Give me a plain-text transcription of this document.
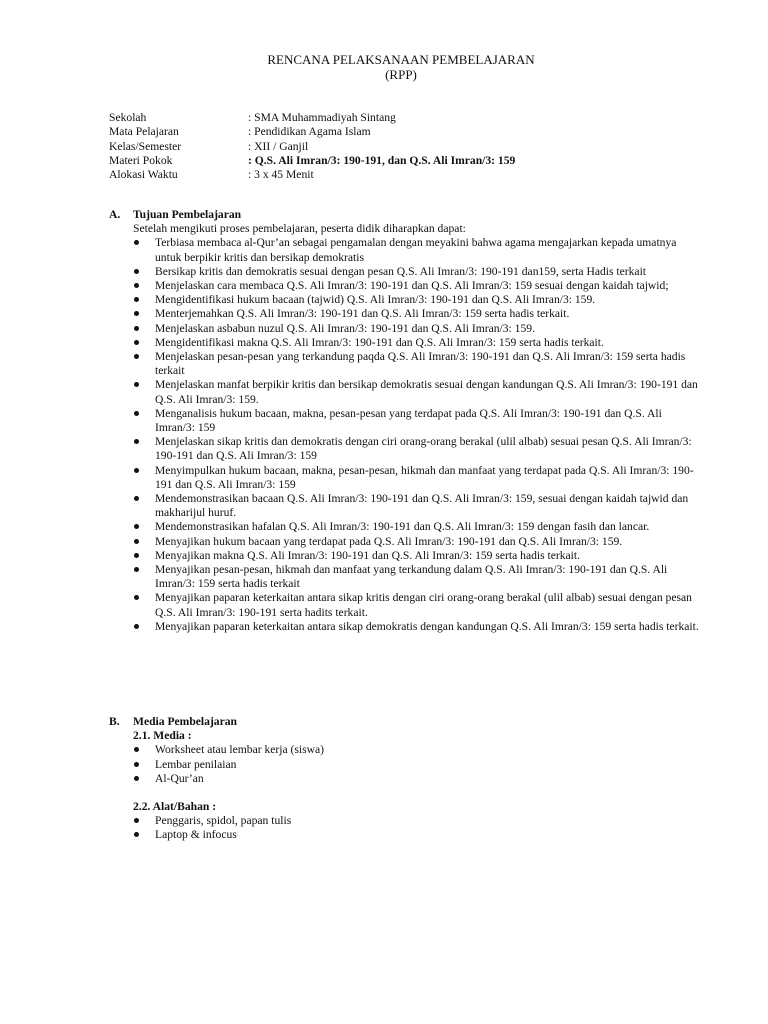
RENCANA PELAKSANAAN PEMBELAJARAN
(RPP)
Sekolah	: SMA Muhammadiyah Sintang
Mata Pelajaran	: Pendidikan Agama Islam
Kelas/Semester	: XII / Ganjil
Materi Pokok	: Q.S. Ali Imran/3: 190-191, dan Q.S. Ali Imran/3: 159
Alokasi Waktu	: 3 x 45 Menit
A.	Tujuan Pembelajaran
Setelah mengikuti proses pembelajaran, peserta didik diharapkan dapat:
Terbiasa membaca al-Qur’an sebagai pengamalan dengan meyakini bahwa agama mengajarkan kepada umatnya untuk berpikir kritis dan bersikap demokratis
Bersikap kritis dan demokratis sesuai dengan pesan Q.S. Ali Imran/3: 190-191 dan159, serta Hadis terkait
Menjelaskan cara membaca Q.S. Ali Imran/3: 190-191 dan Q.S. Ali Imran/3: 159 sesuai dengan kaidah tajwid;
Mengidentifikasi hukum bacaan (tajwid) Q.S. Ali Imran/3: 190-191 dan Q.S. Ali Imran/3: 159.
Menterjemahkan Q.S. Ali Imran/3: 190-191 dan Q.S. Ali Imran/3: 159 serta hadis terkait.
Menjelaskan asbabun nuzul Q.S. Ali Imran/3: 190-191 dan Q.S. Ali Imran/3: 159.
Mengidentifikasi makna Q.S. Ali Imran/3: 190-191 dan Q.S. Ali Imran/3: 159 serta hadis terkait.
Menjelaskan pesan-pesan yang terkandung paqda Q.S. Ali Imran/3: 190-191 dan Q.S. Ali Imran/3: 159 serta hadis terkait
Menjelaskan manfat berpikir kritis dan bersikap demokratis sesuai dengan kandungan Q.S. Ali Imran/3: 190-191 dan Q.S. Ali Imran/3: 159.
Menganalisis hukum bacaan, makna, pesan-pesan yang terdapat pada Q.S. Ali Imran/3: 190-191 dan Q.S. Ali Imran/3: 159
Menjelaskan sikap kritis dan demokratis dengan ciri orang-orang berakal (ulil albab) sesuai pesan Q.S. Ali Imran/3: 190-191 dan Q.S. Ali Imran/3: 159
Menyimpulkan hukum bacaan, makna, pesan-pesan, hikmah dan manfaat yang terdapat pada Q.S. Ali Imran/3: 190-191 dan Q.S. Ali Imran/3: 159
Mendemonstrasikan bacaan Q.S. Ali Imran/3: 190-191 dan Q.S. Ali Imran/3: 159, sesuai dengan kaidah tajwid dan makharijul huruf.
Mendemonstrasikan hafalan Q.S. Ali Imran/3: 190-191 dan Q.S. Ali Imran/3: 159 dengan fasih dan lancar.
Menyajikan hukum bacaan yang terdapat pada Q.S. Ali Imran/3: 190-191 dan Q.S. Ali Imran/3: 159.
Menyajikan makna Q.S. Ali Imran/3: 190-191 dan Q.S. Ali Imran/3: 159 serta hadis terkait.
Menyajikan pesan-pesan, hikmah dan manfaat yang terkandung dalam Q.S. Ali Imran/3: 190-191 dan Q.S. Ali Imran/3: 159 serta hadis terkait
Menyajikan paparan keterkaitan antara sikap kritis dengan ciri orang-orang berakal (ulil albab) sesuai dengan pesan Q.S. Ali Imran/3: 190-191 serta hadits terkait.
Menyajikan paparan keterkaitan antara sikap demokratis dengan kandungan Q.S. Ali Imran/3: 159 serta hadis terkait.
B.	Media Pembelajaran
2.1. Media :
Worksheet atau lembar kerja (siswa)
Lembar penilaian
Al-Qur’an
2.2. Alat/Bahan :
Penggaris, spidol, papan tulis
Laptop & infocus
